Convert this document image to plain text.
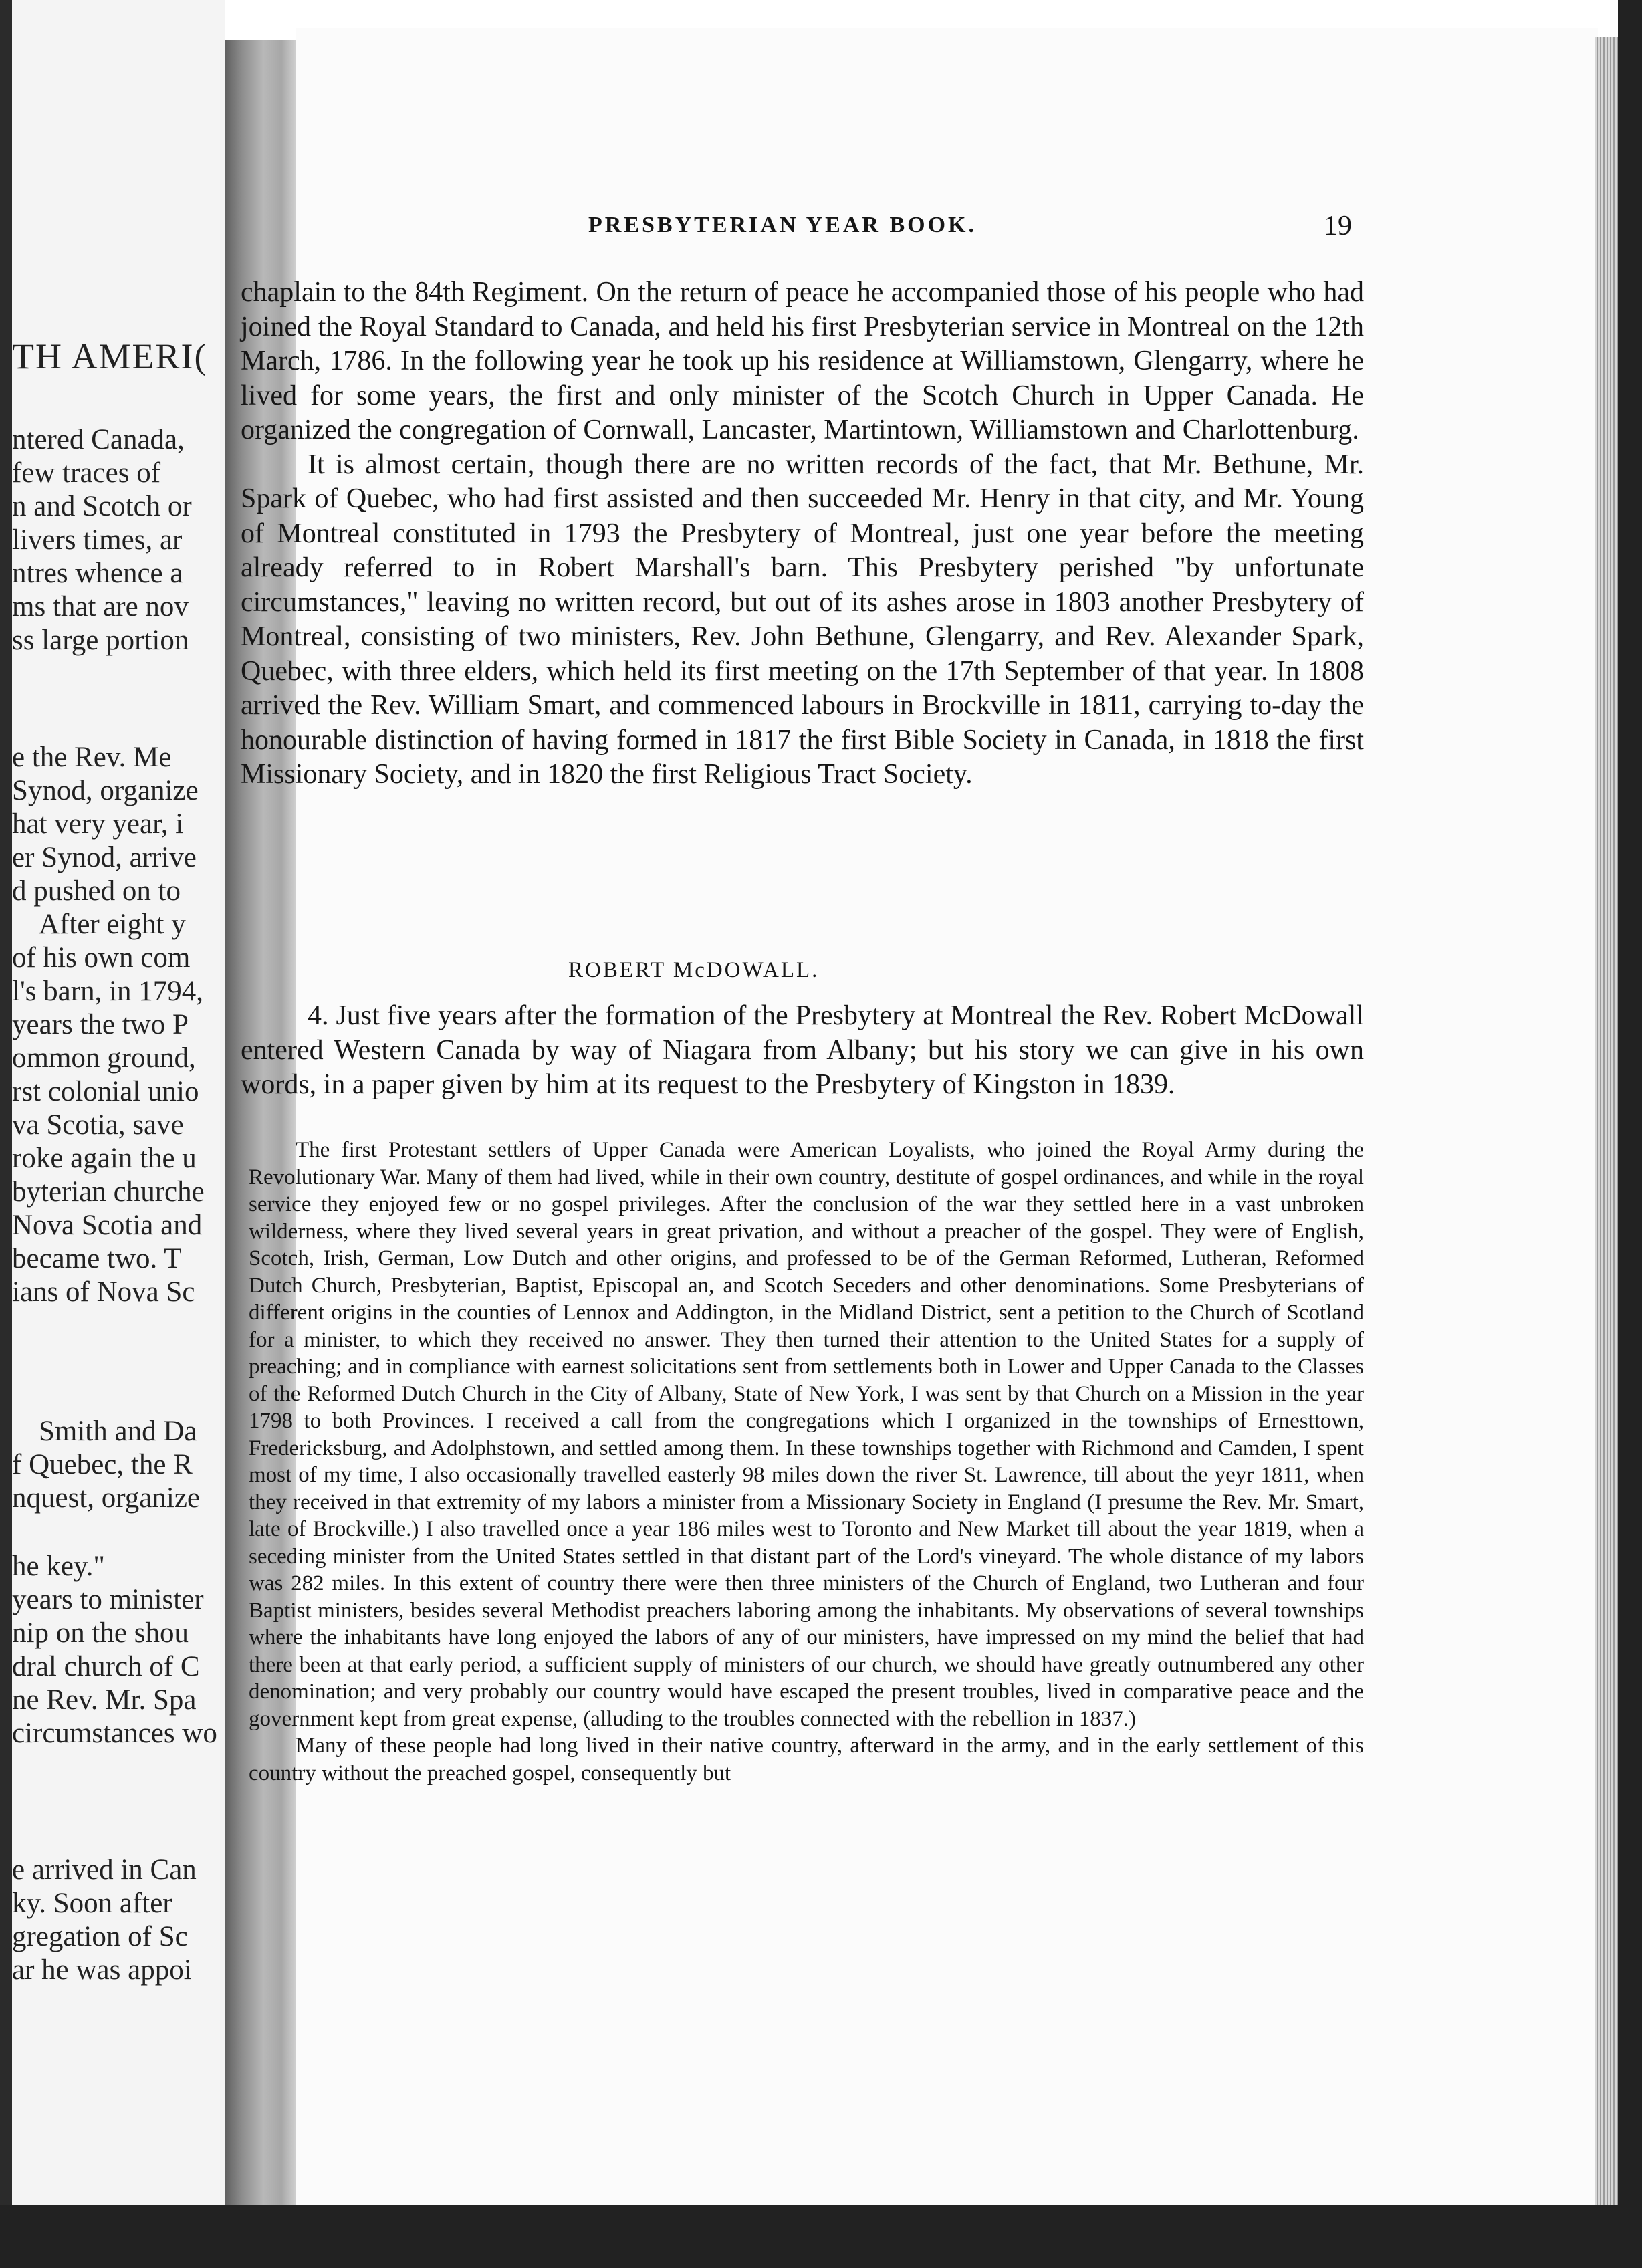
TH AMERI(
ntered Canada,
few traces of
n and Scotch or
livers times, ar
ntres whence a
ms that are nov
ss large portion
e the Rev. Me
Synod, organize
hat very year, i
er Synod, arrive
d pushed on to
After eight y
of his own com
l's barn, in 1794,
years the two P
ommon ground,
rst colonial unio
va Scotia, save
roke again the u
byterian churche
Nova Scotia and
became two. T
ians of Nova Sc
Smith and Da
f Quebec, the R
nquest, organize
he key."
years to minister
nip on the shou
dral church of C
ne Rev. Mr. Spa
circumstances wo
e arrived in Can
ky. Soon after
gregation of Sc
ar he was appoi
PRESBYTERIAN YEAR BOOK.	19

chaplain to the 84th Regiment. On the return of peace he accompanied those of his people who had joined the Royal Standard to Canada, and held his first Presbyterian service in Montreal on the 12th March, 1786. In the following year he took up his residence at Williamstown, Glengarry, where he lived for some years, the first and only minister of the Scotch Church in Upper Canada. He organized the congregation of Cornwall, Lancaster, Martintown, Williamstown and Charlottenburg.

It is almost certain, though there are no written records of the fact, that Mr. Bethune, Mr. Spark of Quebec, who had first assisted and then succeeded Mr. Henry in that city, and Mr. Young of Montreal constituted in 1793 the Presbytery of Montreal, just one year before the meeting already referred to in Robert Marshall's barn. This Presbytery perished "by unfortunate circumstances," leaving no written record, but out of its ashes arose in 1803 another Presbytery of Montreal, consisting of two ministers, Rev. John Bethune, Glengarry, and Rev. Alexander Spark, Quebec, with three elders, which held its first meeting on the 17th September of that year. In 1808 arrived the Rev. William Smart, and commenced labours in Brockville in 1811, carrying to-day the honourable distinction of having formed in 1817 the first Bible Society in Canada, in 1818 the first Missionary Society, and in 1820 the first Religious Tract Society.

ROBERT McDOWALL.

4. Just five years after the formation of the Presbytery at Montreal the Rev. Robert McDowall entered Western Canada by way of Niagara from Albany; but his story we can give in his own words, in a paper given by him at its request to the Presbytery of Kingston in 1839.

The first Protestant settlers of Upper Canada were American Loyalists, who joined the Royal Army during the Revolutionary War. Many of them had lived, while in their own country, destitute of gospel ordinances, and while in the royal service they enjoyed few or no gospel privileges. After the conclusion of the war they settled here in a vast unbroken wilderness, where they lived several years in great privation, and without a preacher of the gospel. They were of English, Scotch, Irish, German, Low Dutch and other origins, and professed to be of the German Reformed, Lutheran, Reformed Dutch Church, Presbyterian, Baptist, Episcopal an, and Scotch Seceders and other denominations. Some Presbyterians of different origins in the counties of Lennox and Addington, in the Midland District, sent a petition to the Church of Scotland for a minister, to which they received no answer. They then turned their attention to the United States for a supply of preaching; and in compliance with earnest solicitations sent from settlements both in Lower and Upper Canada to the Classes of the Reformed Dutch Church in the City of Albany, State of New York, I was sent by that Church on a Mission in the year 1798 to both Provinces. I received a call from the congregations which I organized in the townships of Ernesttown, Fredericksburg, and Adolphstown, and settled among them. In these townships together with Richmond and Camden, I spent most of my time, I also occasionally travelled easterly 98 miles down the river St. Lawrence, till about the yeyr 1811, when they received in that extremity of my labors a minister from a Missionary Society in England (I presume the Rev. Mr. Smart, late of Brockville.) I also travelled once a year 186 miles west to Toronto and New Market till about the year 1819, when a seceding minister from the United States settled in that distant part of the Lord's vineyard. The whole distance of my labors was 282 miles. In this extent of country there were then three ministers of the Church of England, two Lutheran and four Baptist ministers, besides several Methodist preachers laboring among the inhabitants. My observations of several townships where the inhabitants have long enjoyed the labors of any of our ministers, have impressed on my mind the belief that had there been at that early period, a sufficient supply of ministers of our church, we should have greatly outnumbered any other denomination; and very probably our country would have escaped the present troubles, lived in comparative peace and the government kept from great expense, (alluding to the troubles connected with the rebellion in 1837.)

Many of these people had long lived in their native country, afterward in the army, and in the early settlement of this country without the preached gospel, consequently but
